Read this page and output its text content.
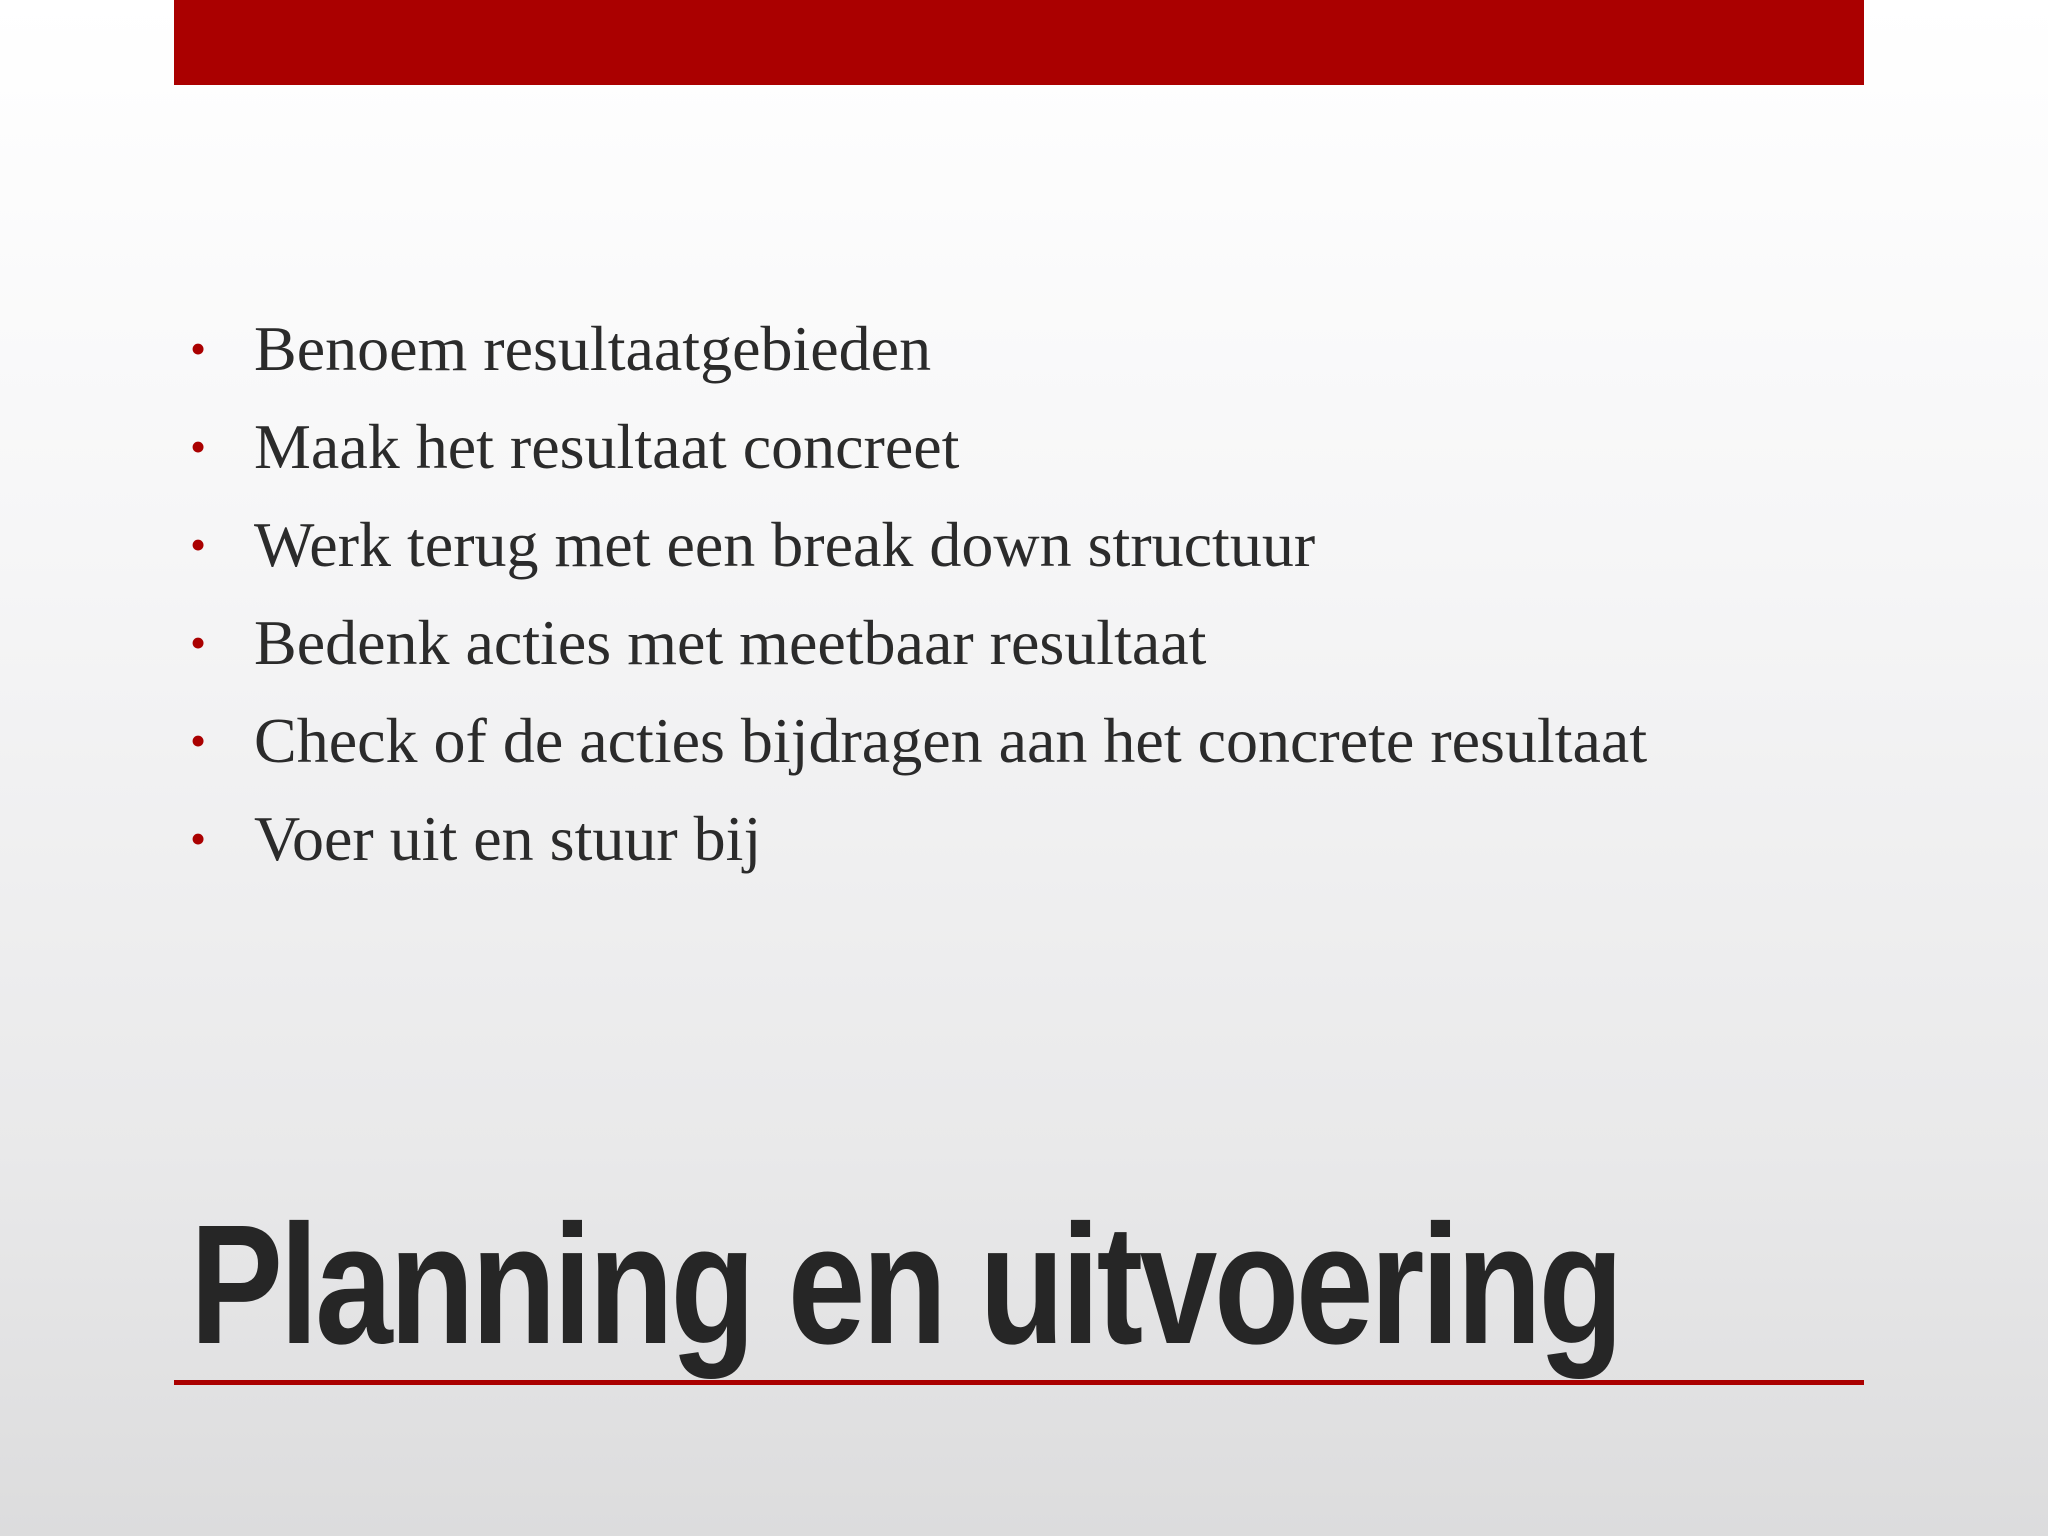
• Benoem resultaatgebieden
• Maak het resultaat concreet
• Werk terug met een break down structuur
• Bedenk acties met meetbaar resultaat
• Check of de acties bijdragen aan het concrete resultaat
• Voer uit en stuur bij
Planning en uitvoering
